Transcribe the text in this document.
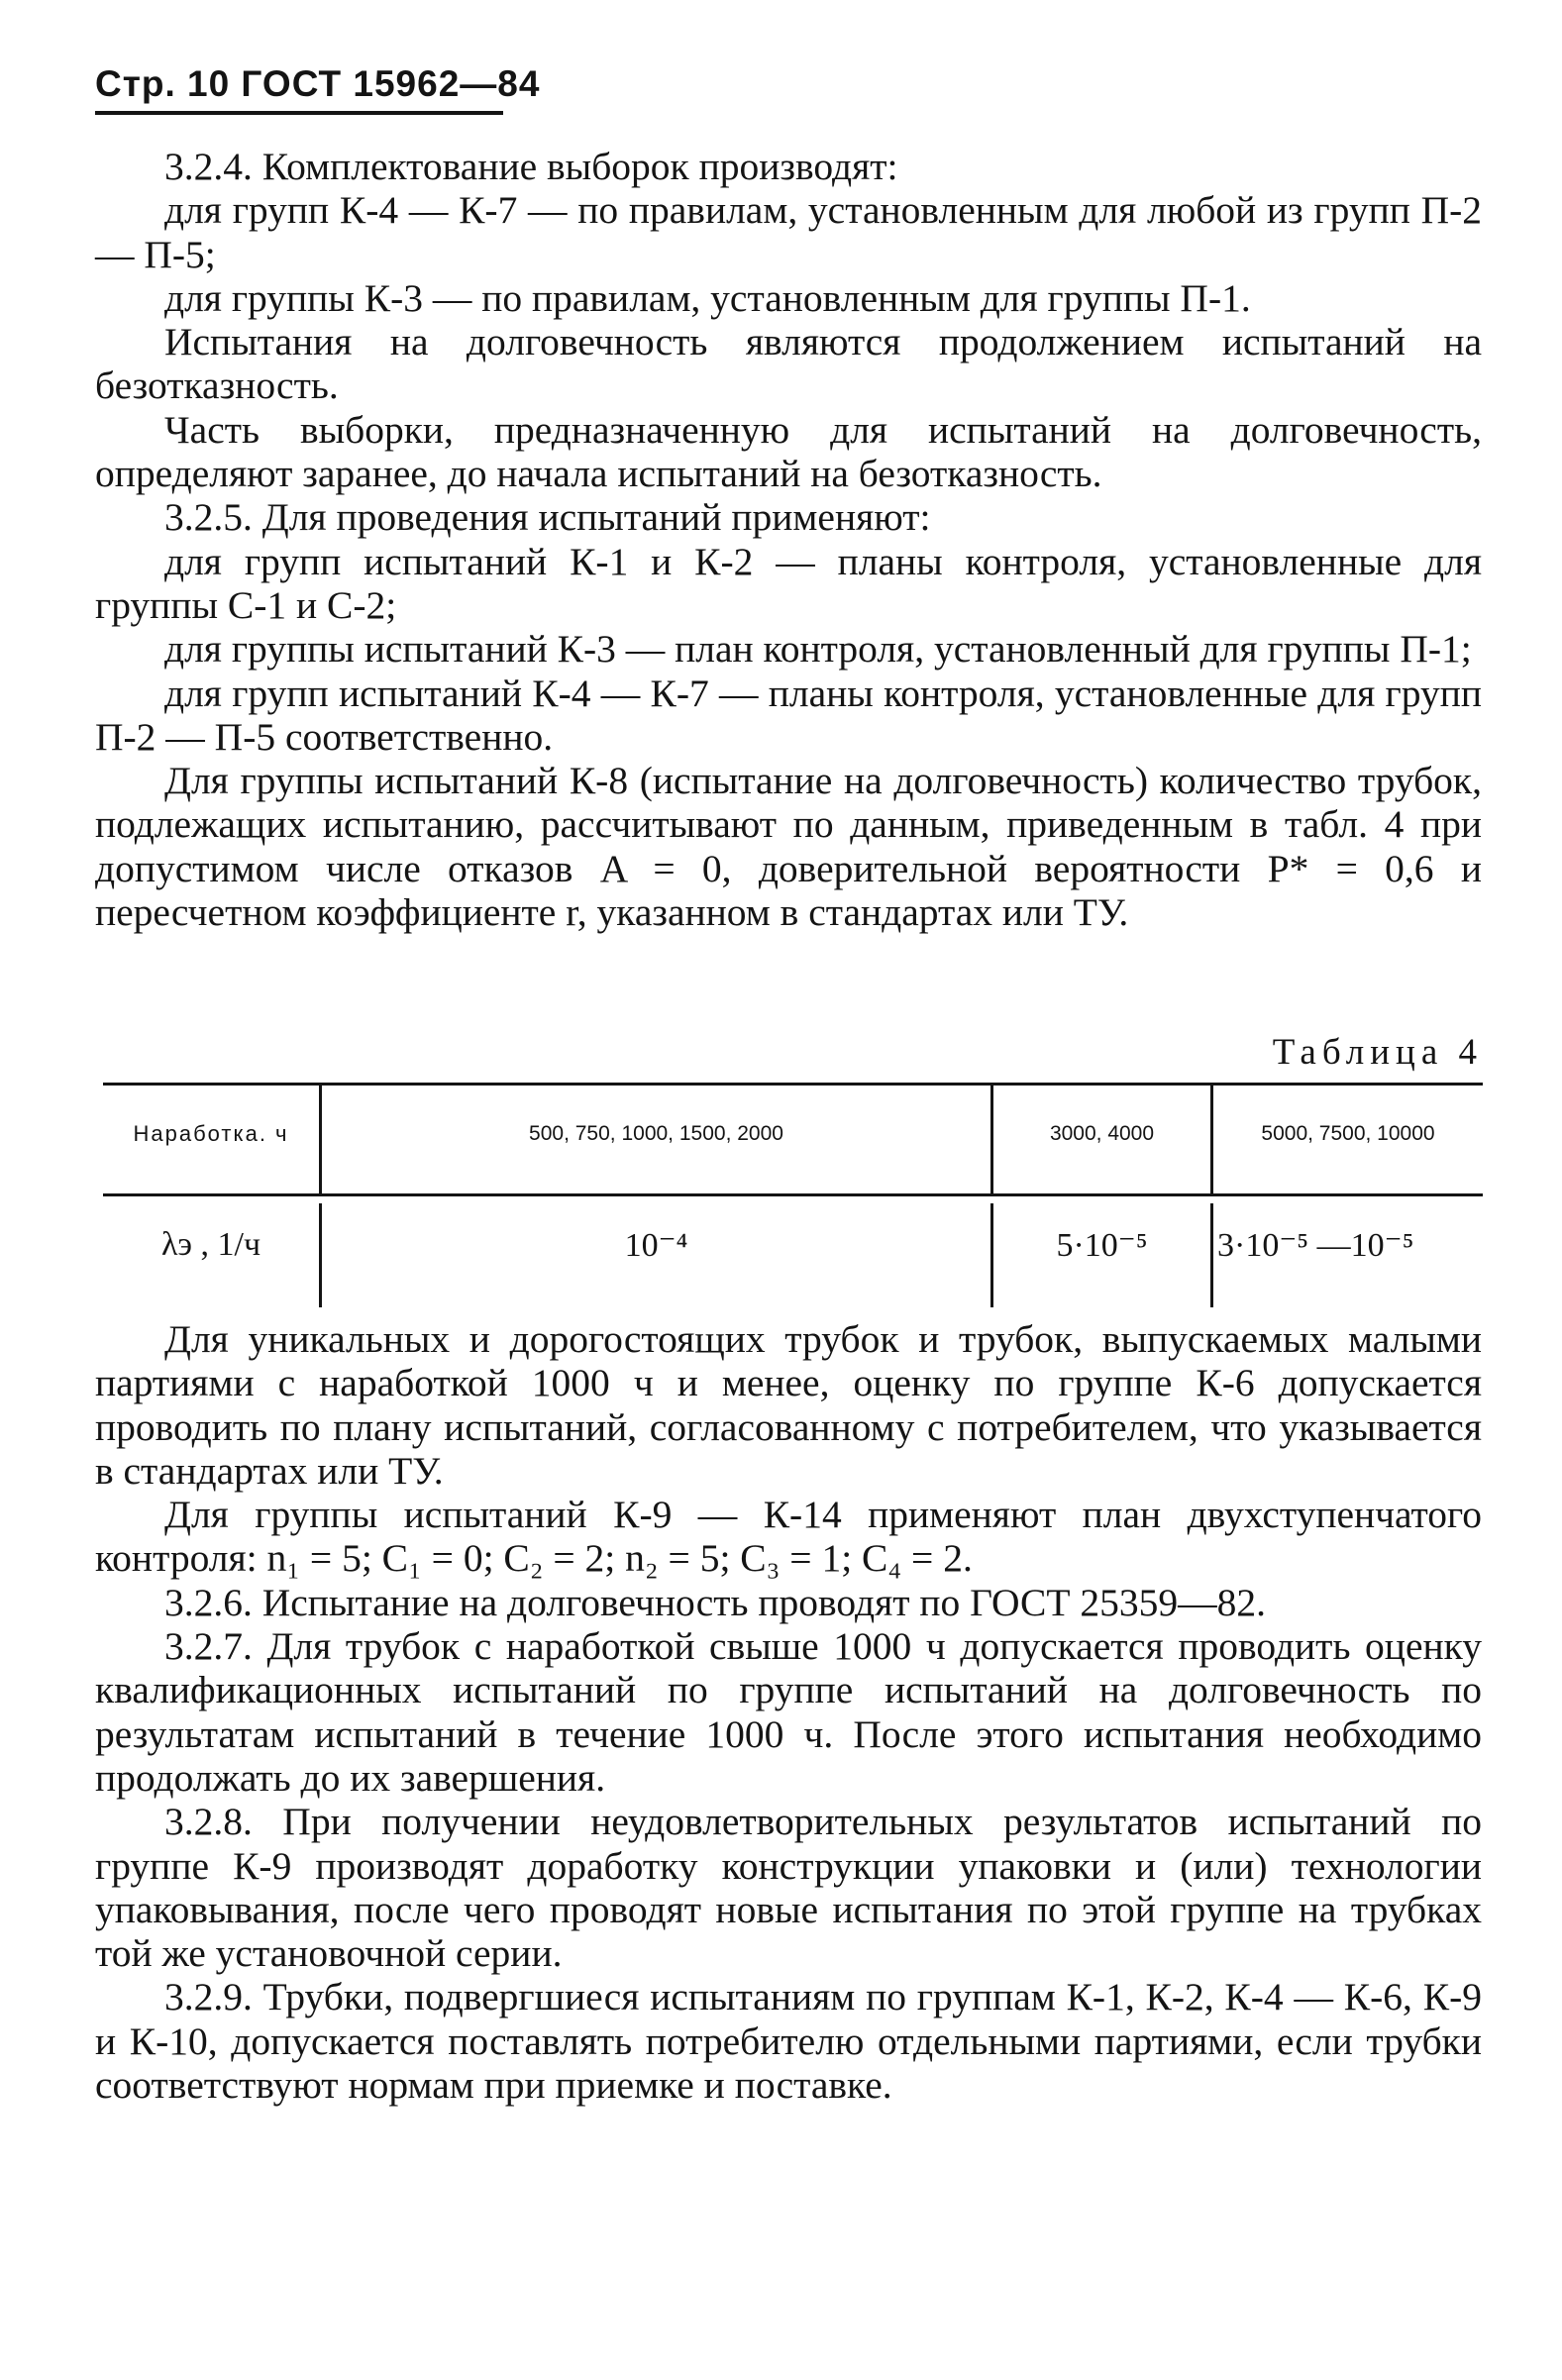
Стр. 10 ГОСТ 15962—84

3.2.4. Комплектование выборок производят:

для групп К-4 — К-7 — по правилам, установленным для любой из групп П-2 — П-5;

для группы К-3 — по правилам, установленным для группы П-1.

Испытания на долговечность являются продолжением испытаний на безотказность.

Часть выборки, предназначенную для испытаний на долговечность, определяют заранее, до начала испытаний на безотказность.

3.2.5. Для проведения испытаний применяют:

для групп испытаний К-1 и К-2 — планы контроля, установленные для группы С-1 и С-2;

для группы испытаний К-3 — план контроля, установленный для группы П-1;

для групп испытаний К-4 — К-7 — планы контроля, установленные для групп П-2 — П-5 соответственно.

Для группы испытаний К-8 (испытание на долговечность) количество трубок, подлежащих испытанию, рассчитывают по данным, приведенным в табл. 4 при допустимом числе отказов A = 0, доверительной вероятности P* = 0,6 и пересчетном коэффициенте r, указанном в стандартах или ТУ.

Таблица 4
Наработка. ч	500, 750, 1000, 1500, 2000	3000, 4000	5000, 7500, 10000
λэ , 1/ч	10⁻⁴	5·10⁻⁵	3·10⁻⁵ —10⁻⁵

Для уникальных и дорогостоящих трубок и трубок, выпускаемых малыми партиями с наработкой 1000 ч и менее, оценку по группе К-6 допускается проводить по плану испытаний, согласованному с потребителем, что указывается в стандартах или ТУ.

Для группы испытаний К-9 — К-14 применяют план двухступенчатого контроля: n₁ = 5; C₁ = 0; C₂ = 2; n₂ = 5; C₃ = 1; C₄ = 2.

3.2.6. Испытание на долговечность проводят по ГОСТ 25359—82.

3.2.7. Для трубок с наработкой свыше 1000 ч допускается проводить оценку квалификационных испытаний по группе испытаний на долговечность по результатам испытаний в течение 1000 ч. После этого испытания необходимо продолжать до их завершения.

3.2.8. При получении неудовлетворительных результатов испытаний по группе К-9 производят доработку конструкции упаковки и (или) технологии упаковывания, после чего проводят новые испытания по этой группе на трубках той же установочной серии.

3.2.9. Трубки, подвергшиеся испытаниям по группам К-1, К-2, К-4 — К-6, К-9 и К-10, допускается поставлять потребителю отдельными партиями, если трубки соответствуют нормам при приемке и поставке.
